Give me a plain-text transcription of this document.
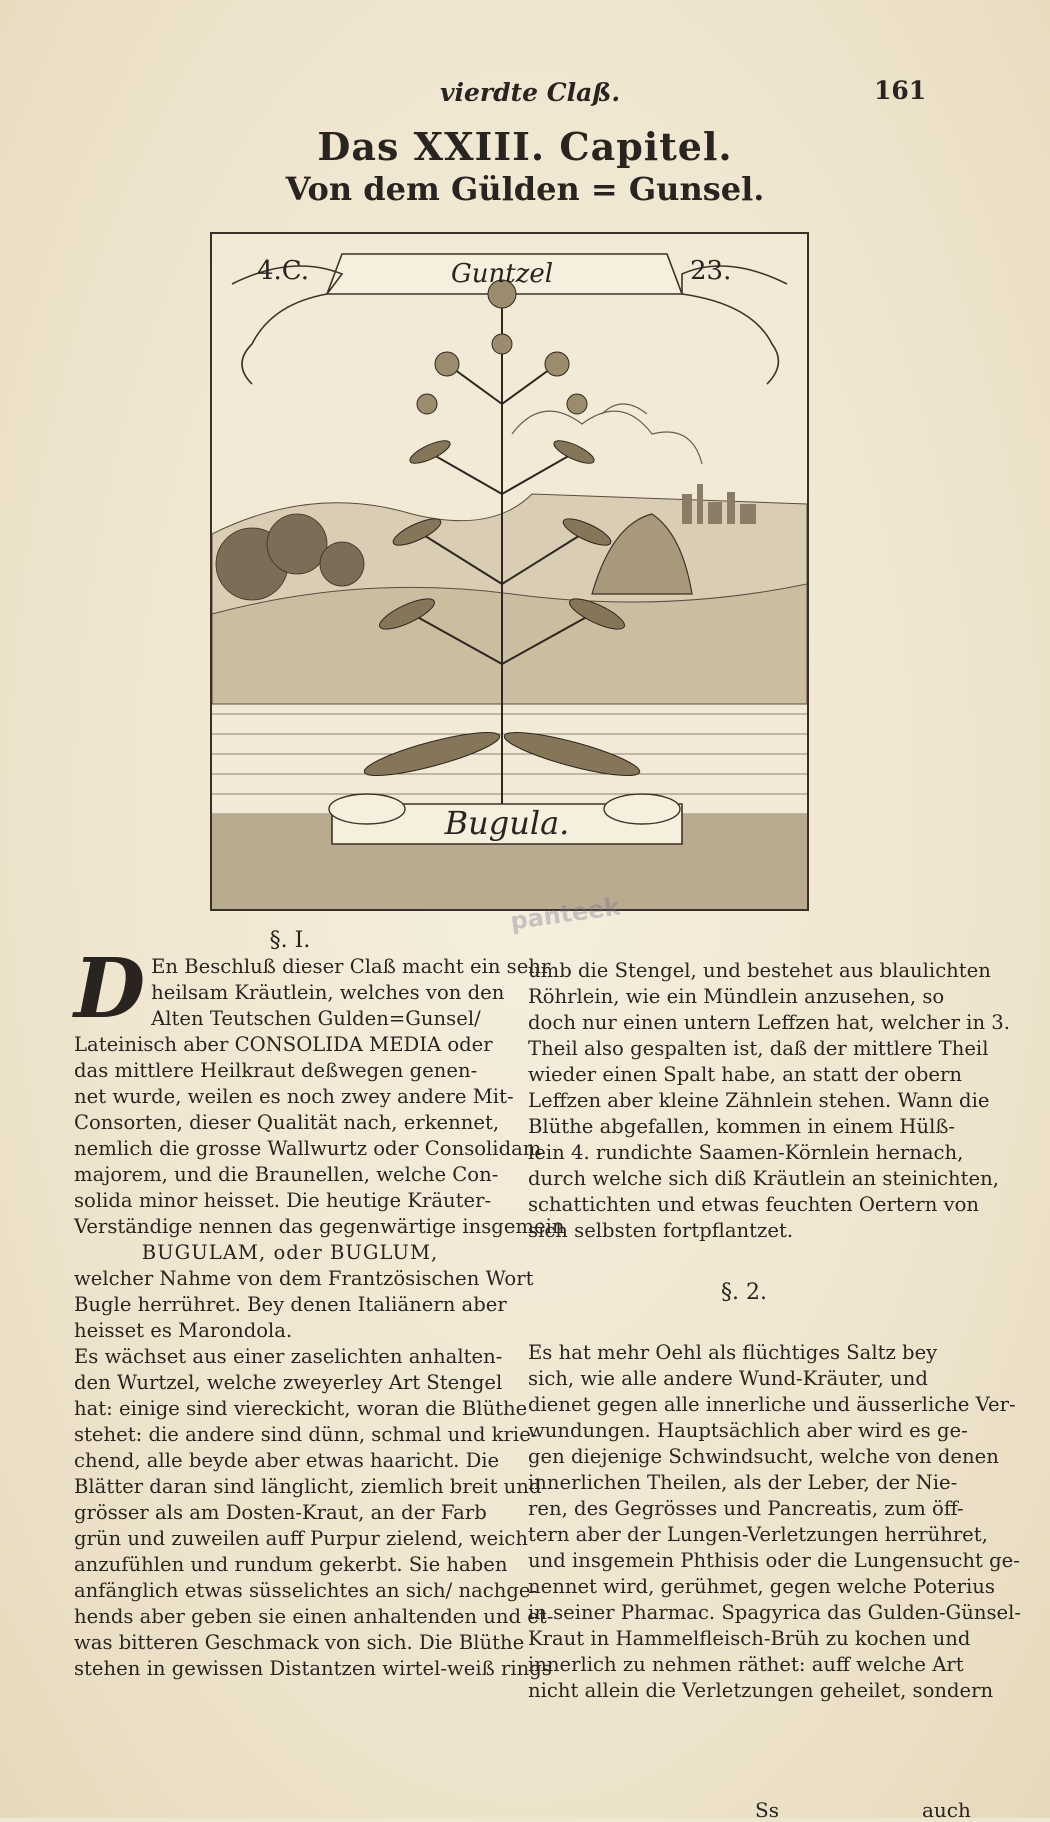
vierdte Claß.	161
Das XXIII. Capitel.
Von dem Gülden = Gunsel.
Guntzel
4.C.	23.
Bugula.
panteek

§. I.

D En Beschluß dieser Claß macht ein sehr
heilsam Kräutlein, welches von den
Alten Teutschen Gulden=Gunsel/
Lateinisch aber CONSOLIDA MEDIA oder
das mittlere Heilkraut deßwegen genen-
net wurde, weilen es noch zwey andere Mit-
Consorten, dieser Qualität nach, erkennet,
nemlich die grosse Wallwurtz oder Consolidam
majorem, und die Braunellen, welche Con-
solida minor heisset. Die heutige Kräuter-
Verständige nennen das gegenwärtige insgemein
BUGULAM, oder BUGLUM,
welcher Nahme von dem Frantzösischen Wort
Bugle herrühret. Bey denen Italiänern aber
heisset es Marondola.
Es wächset aus einer zaselichten anhalten-
den Wurtzel, welche zweyerley Art Stengel
hat: einige sind viereckicht, woran die Blüthe
stehet: die andere sind dünn, schmal und krie-
chend, alle beyde aber etwas haaricht. Die
Blätter daran sind länglicht, ziemlich breit und
grösser als am Dosten-Kraut, an der Farb
grün und zuweilen auff Purpur zielend, weich
anzufühlen und rundum gekerbt. Sie haben
anfänglich etwas süsselichtes an sich/ nachge-
hends aber geben sie einen anhaltenden und et-
was bitteren Geschmack von sich. Die Blüthe
stehen in gewissen Distantzen wirtel-weiß rings
umb die Stengel, und bestehet aus blaulichten
Röhrlein, wie ein Mündlein anzusehen, so
doch nur einen untern Leffzen hat, welcher in 3.
Theil also gespalten ist, daß der mittlere Theil
wieder einen Spalt habe, an statt der obern
Leffzen aber kleine Zähnlein stehen. Wann die
Blüthe abgefallen, kommen in einem Hülß-
lein 4. rundichte Saamen-Körnlein hernach,
durch welche sich diß Kräutlein an steinichten,
schattichten und etwas feuchten Oertern von
sich selbsten fortpflantzet.

§. 2.

Es hat mehr Oehl als flüchtiges Saltz bey
sich, wie alle andere Wund-Kräuter, und
dienet gegen alle innerliche und äusserliche Ver-
wundungen. Hauptsächlich aber wird es ge-
gen diejenige Schwindsucht, welche von denen
innerlichen Theilen, als der Leber, der Nie-
ren, des Gegrösses und Pancreatis, zum öff-
tern aber der Lungen-Verletzungen herrühret,
und insgemein Phthisis oder die Lungensucht ge-
nennet wird, gerühmet, gegen welche Poterius
in seiner Pharmac. Spagyrica das Gulden-Günsel-
Kraut in Hammelfleisch-Brüh zu kochen und
innerlich zu nehmen räthet: auff welche Art
nicht allein die Verletzungen geheilet, sondern
Ss	auch
